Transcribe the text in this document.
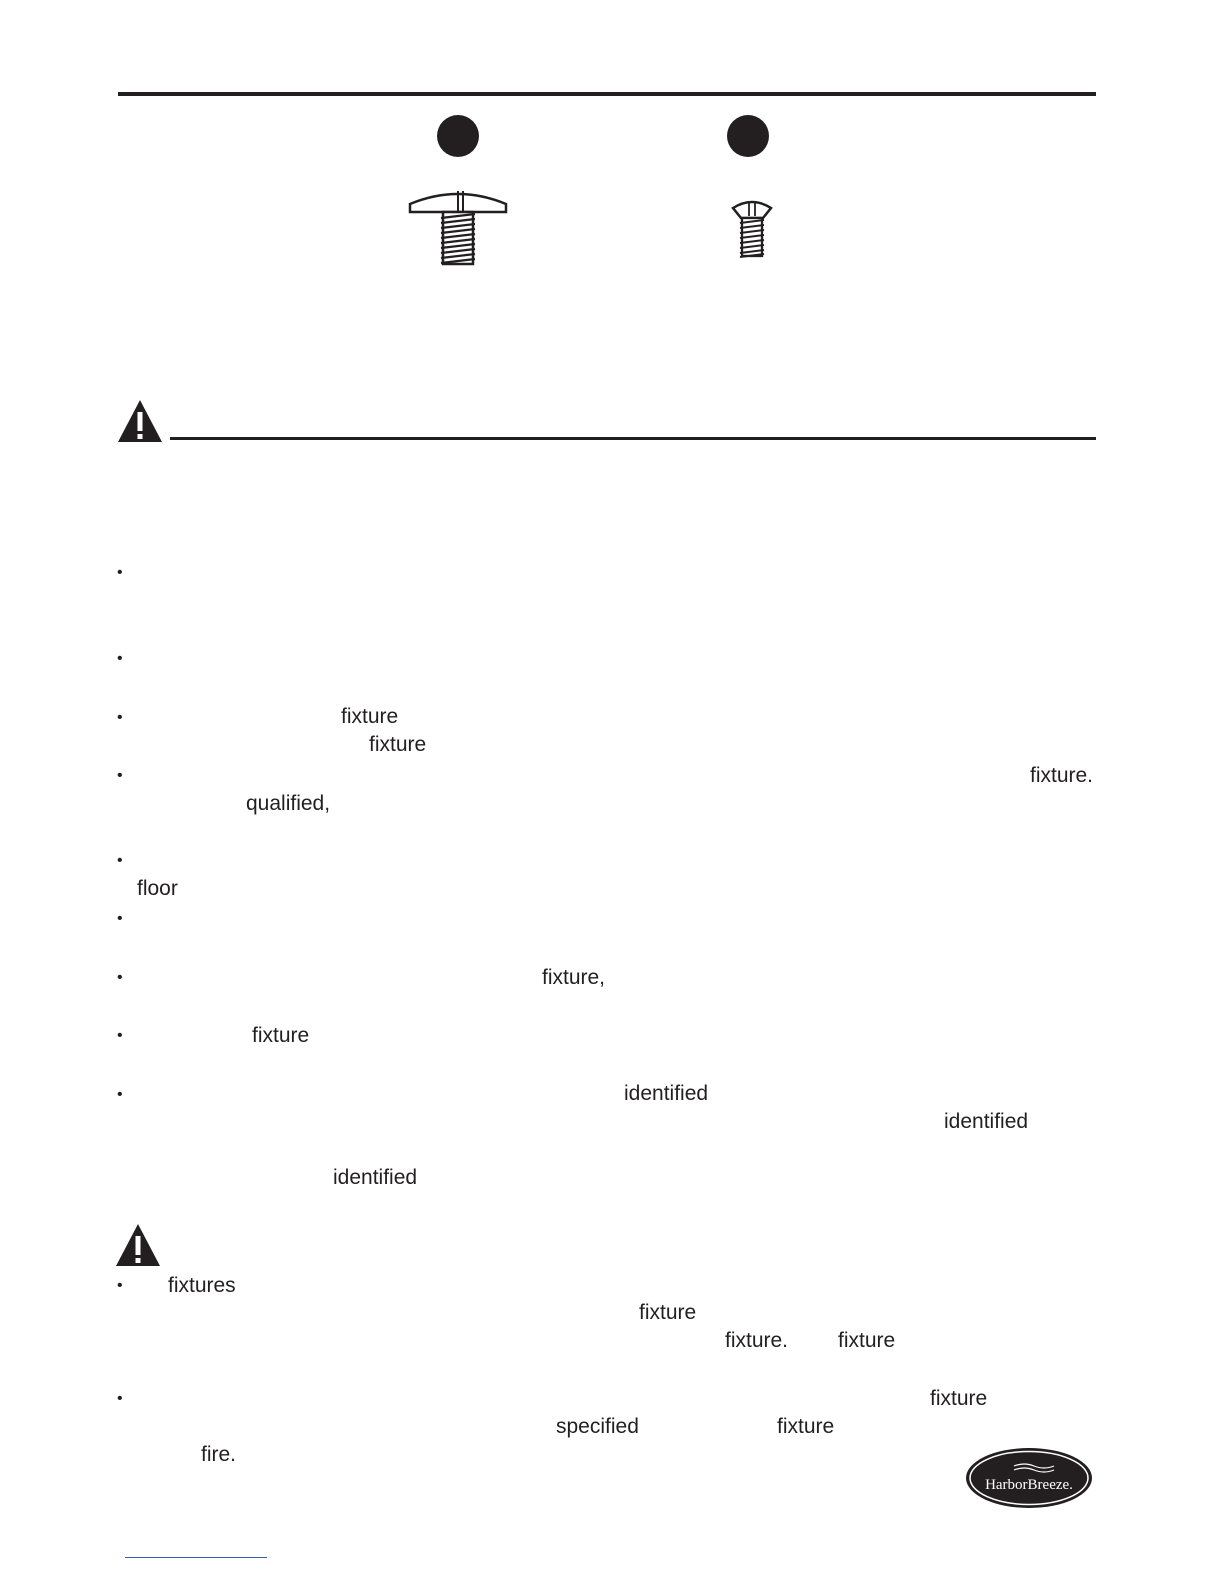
•
•
•
•
•
•
•
•
•
fixture
fixture
fixture.
qualified,
floor
fixture,
fixture
identified
identified
identified
•
•
fixtures
fixture
fixture. fixture
fixture
specified	fixture
fire.
HarborBreeze.
